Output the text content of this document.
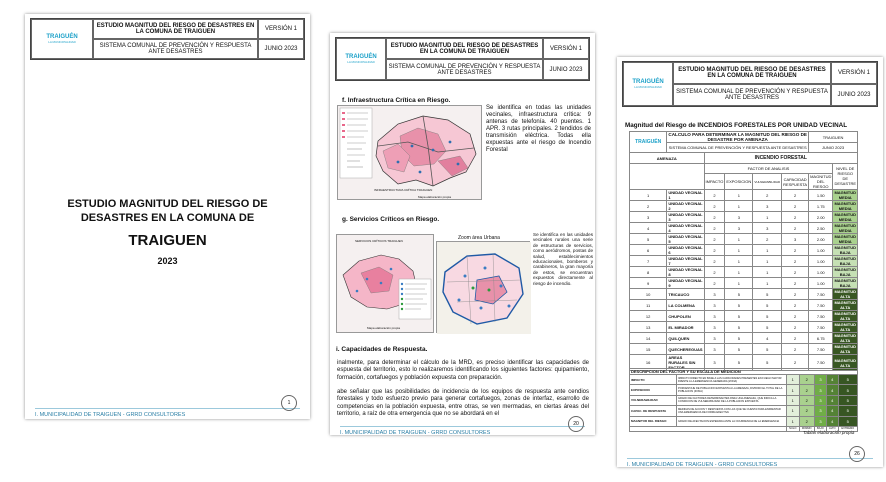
TRAIGUÉN
LA MUNICIPALIDAD
ESTUDIO MAGNITUD DEL RIESGO DE DESASTRES EN LA COMUNA DE TRAIGUEN	VERSIÓN 1
SISTEMA COMUNAL DE PREVENCIÓN Y RESPUESTA ANTE DESASTRES	JUNIO 2023
ESTUDIO MAGNITUD DEL RIESGO DE
DESASTRES EN LA COMUNA DE
TRAIGUEN
2023
I. MUNICIPALIDAD DE TRAIGUEN - GRRD CONSULTORES
1
TRAIGUÉN
LA MUNICIPALIDAD
ESTUDIO MAGNITUD DEL RIESGO DE DESASTRES EN LA COMUNA DE TRAIGUEN	VERSIÓN 1
SISTEMA COMUNAL DE PREVENCIÓN Y RESPUESTA ANTE DESASTRES	JUNIO 2023
f. Infraestructura Crítica en Riesgo.
INFRAESTRUCTURA CRÍTICA TRAIGUEN
Mapa elaboración propia
Se identifica en todas las unidades vecinales, infraestructura crítica: 9 antenas de telefonía. 40 puentes. 1 APR. 3 rutas principales. 2 tendidos de transmisión eléctrica. Todas ella expuestas ante el riesgo de Incendio Forestal
g. Servicios Críticos en Riesgo.
SERVICIOS CRÍTICOS TRAIGUEN
Mapa elaboración propia
Zoom área Urbana
Se identifica en las unidades vecinales rurales una serie de estructuras de servicios, como aeródromos, postas de salud, establecimientos educacionales, bomberos y carabineros, la gran mayoría de estos, se encuentran expuestos directamente al riesgo de incendio.
i. Capacidades de Respuesta.
inalmente, para determinar el cálculo de la MRD, es preciso identificar las capacidades de espuesta del territorio, esto lo realizaremos identificando los siguientes factores: quipamiento, formación, cortafuegos y población expuesta con preparación.
abe señalar que las posibilidades de incidencia de los equipos de respuesta ante cendios forestales y todo esfuerzo previo para generar cortafuegos, zonas de interfaz, esarrollo de competencias en la población expuesta, entre otras, se ven mermadas, en ciertas áreas del territorio, a raíz de otra emergencia que no se abordará en el
I. MUNICIPALIDAD DE TRAIGUEN - GRRD CONSULTORES
20
TRAIGUÉN
LA MUNICIPALIDAD
ESTUDIO MAGNITUD DEL RIESGO DE DESASTRES EN LA COMUNA DE TRAIGUEN	VERSIÓN 1
SISTEMA COMUNAL DE PREVENCIÓN Y RESPUESTA ANTE DESASTRES	JUNIO 2023
Magnitud del Riesgo de INCENDIOS FORESTALES POR UNIDAD VECINAL
TRAIGUÉN	CALCULO PARA DETERMINAR LA MAGNITUD DEL RIESGO DE DESASTRE POR AMENAZA					TRAIGUEN	
	SISTEMA COMUNAL DE PREVENCIÓN Y RESPUESTA ANTE DESASTRES					JUNIO 2023	
AMENAZA		INCENDIO FORESTAL					
		FACTOR DE ANALISIS					NIVEL DE RIESGO DE DESASTRE
		IMPACTO	EXPOSICION	VULNERABILIDAD	CAPACIDAD RESPUESTA	MAGNITUD DEL RIESGO	
1	UNIDAD VECINAL 1	2	1	2	2	1.50	MAGNITUD MEDIA
2	UNIDAD VECINAL 2	2	1	3	2	1.75	MAGNITUD MEDIA
3	UNIDAD VECINAL 3	2	3	1	2	2.00	MAGNITUD MEDIA
4	UNIDAD VECINAL 4	2	3	3	2	2.50	MAGNITUD MEDIA
5	UNIDAD VECINAL 5	2	1	2	3	2.00	MAGNITUD MEDIA
6	UNIDAD VECINAL 6	2	1	1	2	1.00	MAGNITUD BAJA
7	UNIDAD VECINAL 7	2	1	1	2	1.00	MAGNITUD BAJA
8	UNIDAD VECINAL 8	2	1	1	2	1.00	MAGNITUD BAJA
9	UNIDAD VECINAL 9	2	1	1	2	1.00	MAGNITUD BAJA
10	TRICAUCO	3	5	5	2	7.50	MAGNITUD ALTA
11	LA COLMENA	3	5	5	2	7.50	MAGNITUD ALTA
12	CHUPOLEN	3	5	5	2	7.50	MAGNITUD ALTA
13	EL MIRADOR	3	5	5	2	7.50	MAGNITUD ALTA
14	QUILQUEN	3	5	4	2	6.75	MAGNITUD ALTA
15	QUECHEREGUAS	3	5	5	2	7.50	MAGNITUD ALTA
16	AREAS RURALES SIN FACTOR	3	5	5	2	7.50	MAGNITUD ALTA
DESCRIPCION DEL FACTOR Y SU ESCALA DE MEDICION						
IMPACTO	IMPACTO DIRECTO EN BASE A LAS CAPACIDADES PRESENTES EN FUEGO MAYOR FRENTE A LA EMERGENCIA GENERADA (ZONA)	1	2	3	4	5
EXPOSICION	PORCENTAJE DE POBLACION EXPUESTA A LA AMENAZA, DIVIDIDO EL TOTAL DE LA POBLACION (ZONA)	1	2	3	4	5
VULNERABILIDAD	GRADO DE FACTORES DETERMINANTES PARA UNA AMENAZA, QUE INDICA LA CONDICION DE VULNERABILIDAD DE LA POBLACION EXPUESTA	1	2	3	4	5
CAPAC. DE RESPUESTA	MEDIDAS DE ACCION Y RESPUESTA CON LAS QUE SE CUENTA PARA ENFRENTAR UNA EMERGENCIA DE FORMA EFECTIVA	1	2	3	4	5
MAGNITUD DEL RIESGO	GRADO DE AFECTACION ESPERADA ANTE LA OCURRENCIA DE LA EMERGENCIA	1	2	3	4	5
		NULO	MINIMO	BAJO	ALTO	EXTREMO
Tablas elaboración propia
I. MUNICIPALIDAD DE TRAIGUEN - GRRD CONSULTORES
26
